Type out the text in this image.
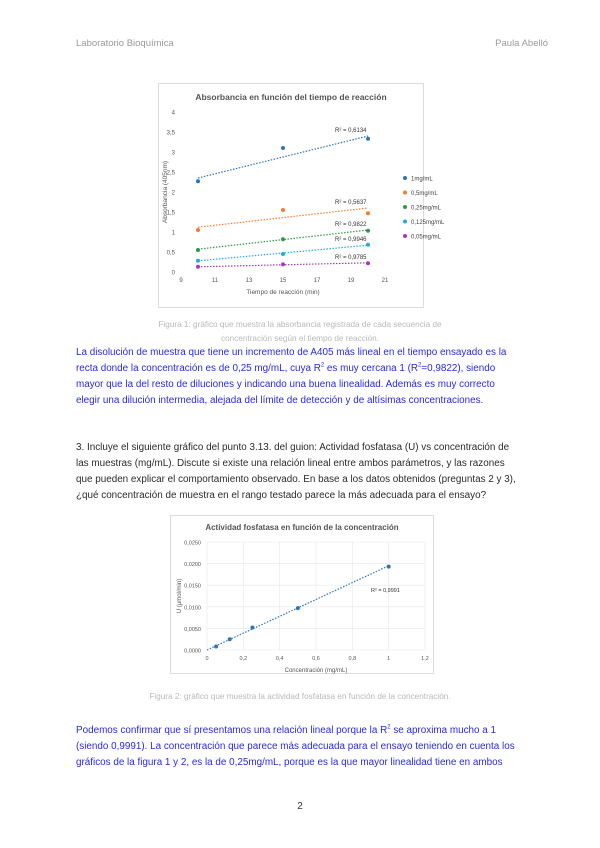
Laboratorio Bioquímica	Paula Abelló
Absorbancia en función del tiempo de reacción
0
0,5
1
1,5
2
2,5
3
3,5
4
9	11	13	15	17	19	21
Tiempo de reacción (min)
Absorbancia (405nm)
R² = 0,6134
R² = 0,5637
R² = 0,9822
R² = 0,9946
R² = 0,9785
1mg/mL
0,5mg/mL
0,25mg/mL
0,125mg/mL
0,05mg/mL
Figura 1: gráfico que muestra la absorbancia registrada de cada secuencia de
concentración según el tiempo de reacción.
La disolución de muestra que tiene un incremento de A405 más lineal en el tiempo ensayado es la
recta donde la concentración es de 0,25 mg/mL, cuya $R^2$ es muy cercana 1 $(R^2=0,9822)$, siendo
mayor que la del resto de diluciones y indicando una buena linealidad. Además es muy correcto
elegir una dilución intermedia, alejada del límite de detección y de altísimas concentraciones.
3. Incluye el siguiente gráfico del punto 3.13. del guion: Actividad fosfatasa (U) vs concentración de
las muestras (mg/mL). Discute si existe una relación lineal entre ambos parámetros, y las razones
que pueden explicar el comportamiento observado. En base a los datos obtenidos (preguntas 2 y 3),
¿qué concentración de muestra en el rango testado parece la más adecuada para el ensayo?
Actividad fosfatasa en función de la concentración
0,0000
0,0050
0,0100
0,0150
0,0200
0,0250
0	0,2	0,4	0,6	0,8	1	1,2
Concentración (mg/mL)
U (μmol/min)	R² = 0,9991
Figura 2: gráfico que muestra la actividad fosfatasa en función de la concentración.
Podemos confirmar que sí presentamos una relación lineal porque la $R^2$ se aproxima mucho a 1
(siendo 0,9991). La concentración que parece más adecuada para el ensayo teniendo en cuenta los
gráficos de la figura 1 y 2, es la de 0,25mg/mL, porque es la que mayor linealidad tiene en ambos
2
